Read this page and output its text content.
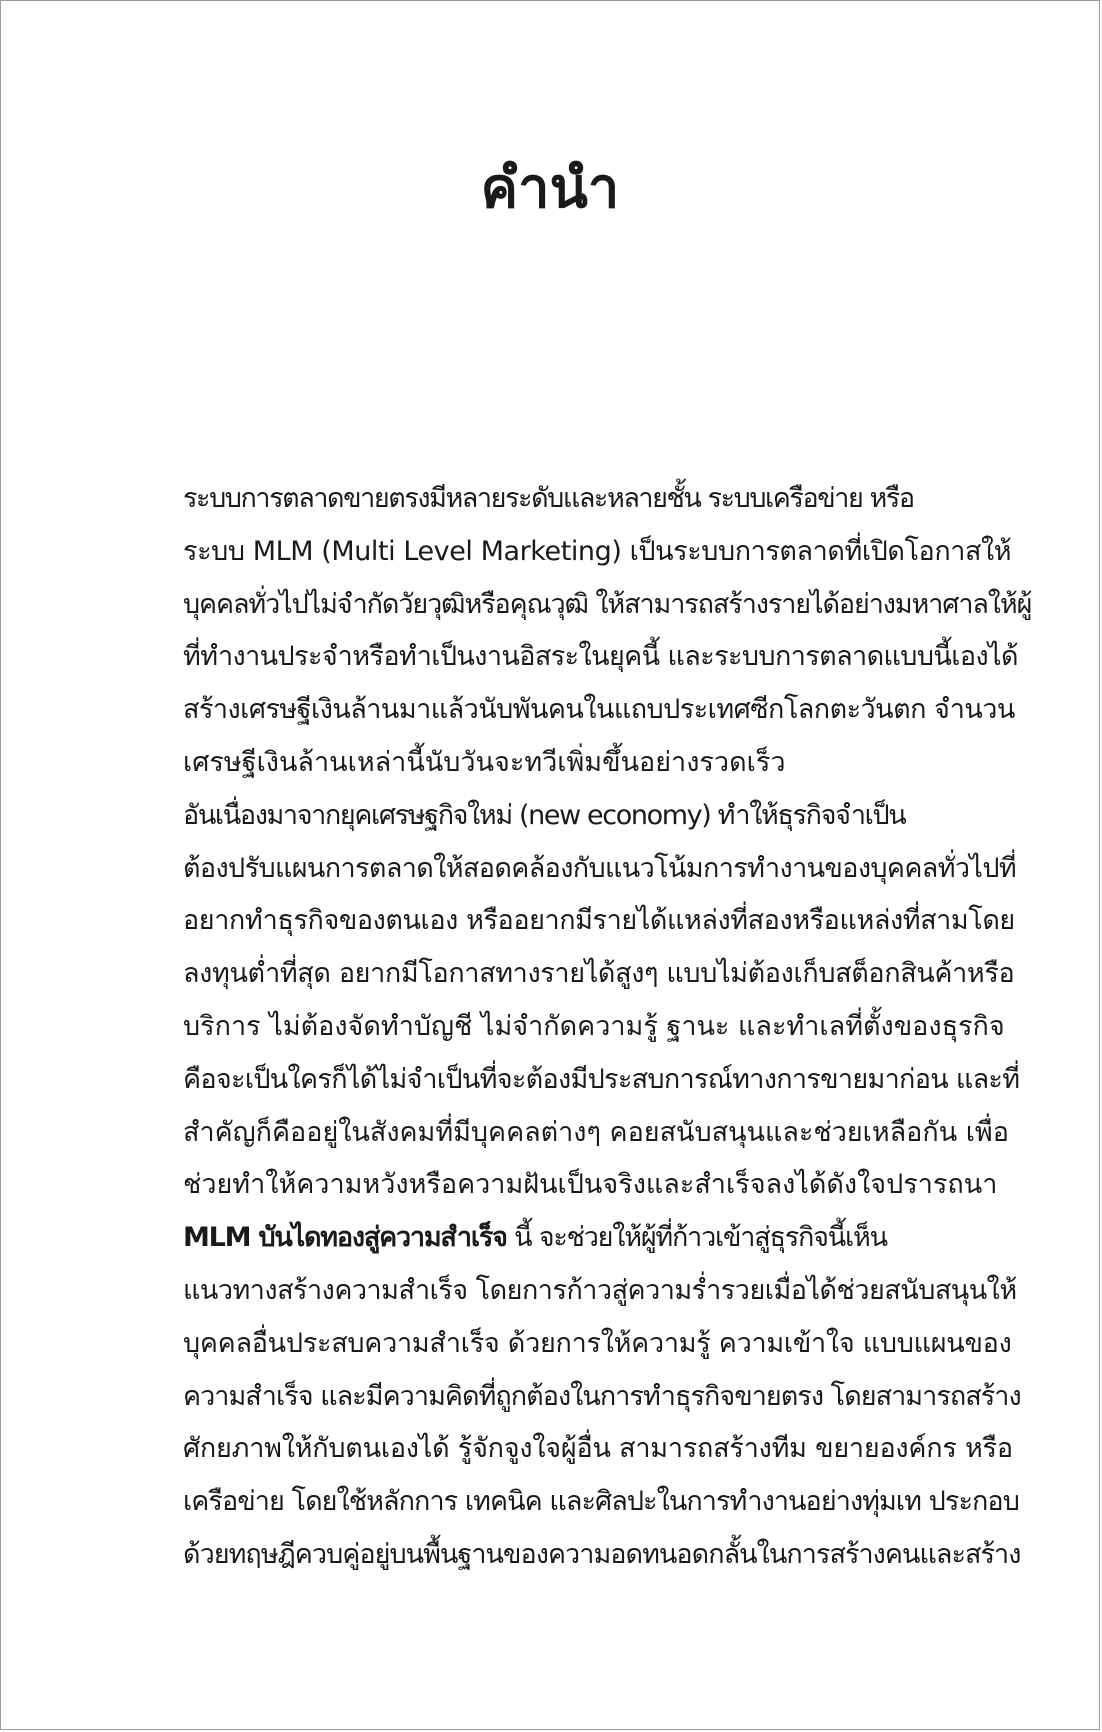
คำนำ

ระบบการตลาดขายตรงมีหลายระดับและหลายชั้น ระบบเครือข่าย หรือ
ระบบ MLM (Multi Level Marketing) เป็นระบบการตลาดที่เปิดโอกาสให้
บุคคลทั่วไปไม่จำกัดวัยวุฒิหรือคุณวุฒิ ให้สามารถสร้างรายได้อย่างมหาศาลให้ผู้
ที่ทำงานประจำหรือทำเป็นงานอิสระในยุคนี้ และระบบการตลาดแบบนี้เองได้
สร้างเศรษฐีเงินล้านมาแล้วนับพันคนในแถบประเทศซีกโลกตะวันตก จำนวน
เศรษฐีเงินล้านเหล่านี้นับวันจะทวีเพิ่มขึ้นอย่างรวดเร็ว

อันเนื่องมาจากยุคเศรษฐกิจใหม่ (new economy) ทำให้ธุรกิจจำเป็น
ต้องปรับแผนการตลาดให้สอดคล้องกับแนวโน้มการทำงานของบุคคลทั่วไปที่
อยากทำธุรกิจของตนเอง หรืออยากมีรายได้แหล่งที่สองหรือแหล่งที่สามโดย
ลงทุนต่ำที่สุด อยากมีโอกาสทางรายได้สูงๆ แบบไม่ต้องเก็บสต็อกสินค้าหรือ
บริการ ไม่ต้องจัดทำบัญชี ไม่จำกัดความรู้ ฐานะ และทำเลที่ตั้งของธุรกิจ
คือจะเป็นใครก็ได้ไม่จำเป็นที่จะต้องมีประสบการณ์ทางการขายมาก่อน และที่
สำคัญก็คืออยู่ในสังคมที่มีบุคคลต่างๆ คอยสนับสนุนและช่วยเหลือกัน เพื่อ
ช่วยทำให้ความหวังหรือความฝันเป็นจริงและสำเร็จลงได้ดังใจปรารถนา

MLM บันไดทองสู่ความสำเร็จ นี้ จะช่วยให้ผู้ที่ก้าวเข้าสู่ธุรกิจนี้เห็น
แนวทางสร้างความสำเร็จ โดยการก้าวสู่ความร่ำรวยเมื่อได้ช่วยสนับสนุนให้
บุคคลอื่นประสบความสำเร็จ ด้วยการให้ความรู้ ความเข้าใจ แบบแผนของ
ความสำเร็จ และมีความคิดที่ถูกต้องในการทำธุรกิจขายตรง โดยสามารถสร้าง
ศักยภาพให้กับตนเองได้ รู้จักจูงใจผู้อื่น สามารถสร้างทีม ขยายองค์กร หรือ
เครือข่าย โดยใช้หลักการ เทคนิค และศิลปะในการทำงานอย่างทุ่มเท ประกอบ
ด้วยทฤษฎีควบคู่อยู่บนพื้นฐานของความอดทนอดกลั้นในการสร้างคนและสร้าง
